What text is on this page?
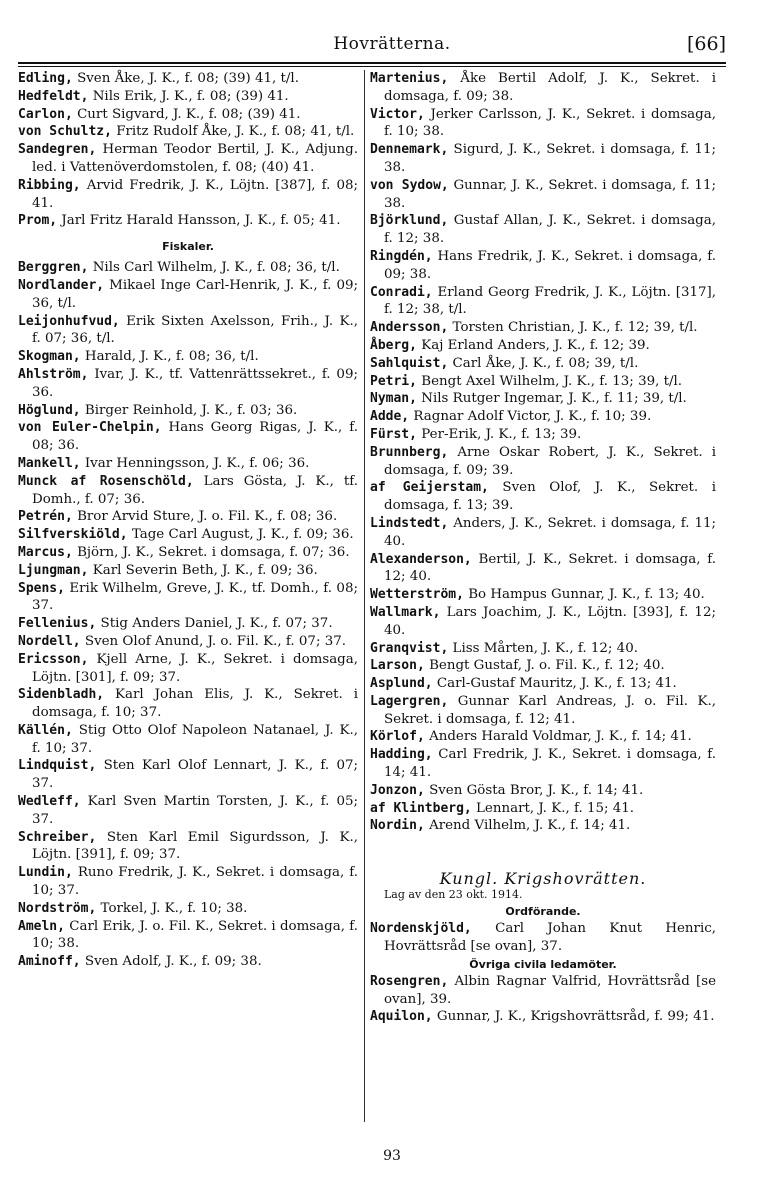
Hovrätterna.	[66]
Edling, Sven Åke, J. K., f. 08; (39) 41, t/l.
Hedfeldt, Nils Erik, J. K., f. 08; (39) 41.
Carlon, Curt Sigvard, J. K., f. 08; (39) 41.
von Schultz, Fritz Rudolf Åke, J. K., f. 08; 41, t/l.
Sandegren, Herman Teodor Bertil, J. K., Adjung. led. i Vattenöverdomstolen, f. 08; (40) 41.
Ribbing, Arvid Fredrik, J. K., Löjtn. [387], f. 08; 41.
Prom, Jarl Fritz Harald Hansson, J. K., f. 05; 41.
Fiskaler.
Berggren, Nils Carl Wilhelm, J. K., f. 08; 36, t/l.
Nordlander, Mikael Inge Carl-Henrik, J. K., f. 09; 36, t/l.
Leijonhufvud, Erik Sixten Axelsson, Frih., J. K., f. 07; 36, t/l.
Skogman, Harald, J. K., f. 08; 36, t/l.
Ahlström, Ivar, J. K., tf. Vattenrättssekret., f. 09; 36.
Höglund, Birger Reinhold, J. K., f. 03; 36.
von Euler-Chelpin, Hans Georg Rigas, J. K., f. 08; 36.
Mankell, Ivar Henningsson, J. K., f. 06; 36.
Munck af Rosenschöld, Lars Gösta, J. K., tf. Domh., f. 07; 36.
Petrén, Bror Arvid Sture, J. o. Fil. K., f. 08; 36.
Silfverskiöld, Tage Carl August, J. K., f. 09; 36.
Marcus, Björn, J. K., Sekret. i domsaga, f. 07; 36.
Ljungman, Karl Severin Beth, J. K., f. 09; 36.
Spens, Erik Wilhelm, Greve, J. K., tf. Domh., f. 08; 37.
Fellenius, Stig Anders Daniel, J. K., f. 07; 37.
Nordell, Sven Olof Anund, J. o. Fil. K., f. 07; 37.
Ericsson, Kjell Arne, J. K., Sekret. i domsaga, Löjtn. [301], f. 09; 37.
Sidenbladh, Karl Johan Elis, J. K., Sekret. i domsaga, f. 10; 37.
Källén, Stig Otto Olof Napoleon Natanael, J. K., f. 10; 37.
Lindquist, Sten Karl Olof Lennart, J. K., f. 07; 37.
Wedleff, Karl Sven Martin Torsten, J. K., f. 05; 37.
Schreiber, Sten Karl Emil Sigurdsson, J. K., Löjtn. [391], f. 09; 37.
Lundin, Runo Fredrik, J. K., Sekret. i domsaga, f. 10; 37.
Nordström, Torkel, J. K., f. 10; 38.
Ameln, Carl Erik, J. o. Fil. K., Sekret. i domsaga, f. 10; 38.
Aminoff, Sven Adolf, J. K., f. 09; 38.
Martenius, Åke Bertil Adolf, J. K., Sekret. i domsaga, f. 09; 38.
Victor, Jerker Carlsson, J. K., Sekret. i domsaga, f. 10; 38.
Dennemark, Sigurd, J. K., Sekret. i domsaga, f. 11; 38.
von Sydow, Gunnar, J. K., Sekret. i domsaga, f. 11; 38.
Björklund, Gustaf Allan, J. K., Sekret. i domsaga, f. 12; 38.
Ringdén, Hans Fredrik, J. K., Sekret. i domsaga, f. 09; 38.
Conradi, Erland Georg Fredrik, J. K., Löjtn. [317], f. 12; 38, t/l.
Andersson, Torsten Christian, J. K., f. 12; 39, t/l.
Åberg, Kaj Erland Anders, J. K., f. 12; 39.
Sahlquist, Carl Åke, J. K., f. 08; 39, t/l.
Petri, Bengt Axel Wilhelm, J. K., f. 13; 39, t/l.
Nyman, Nils Rutger Ingemar, J. K., f. 11; 39, t/l.
Adde, Ragnar Adolf Victor, J. K., f. 10; 39.
Fürst, Per-Erik, J. K., f. 13; 39.
Brunnberg, Arne Oskar Robert, J. K., Sekret. i domsaga, f. 09; 39.
af Geijerstam, Sven Olof, J. K., Sekret. i domsaga, f. 13; 39.
Lindstedt, Anders, J. K., Sekret. i domsaga, f. 11; 40.
Alexanderson, Bertil, J. K., Sekret. i domsaga, f. 12; 40.
Wetterström, Bo Hampus Gunnar, J. K., f. 13; 40.
Wallmark, Lars Joachim, J. K., Löjtn. [393], f. 12; 40.
Granqvist, Liss Mårten, J. K., f. 12; 40.
Larson, Bengt Gustaf, J. o. Fil. K., f. 12; 40.
Asplund, Carl-Gustaf Mauritz, J. K., f. 13; 41.
Lagergren, Gunnar Karl Andreas, J. o. Fil. K., Sekret. i domsaga, f. 12; 41.
Körlof, Anders Harald Voldmar, J. K., f. 14; 41.
Hadding, Carl Fredrik, J. K., Sekret. i domsaga, f. 14; 41.
Jonzon, Sven Gösta Bror, J. K., f. 14; 41.
af Klintberg, Lennart, J. K., f. 15; 41.
Nordin, Arend Vilhelm, J. K., f. 14; 41.
Kungl. Krigshovrätten.
Lag av den 23 okt. 1914.
Ordförande.
Nordenskjöld, Carl Johan Knut Henric, Hovrättsråd [se ovan], 37.
Övriga civila ledamöter.
Rosengren, Albin Ragnar Valfrid, Hovrättsråd [se ovan], 39.
Aquilon, Gunnar, J. K., Krigshovrättsråd, f. 99; 41.
93
